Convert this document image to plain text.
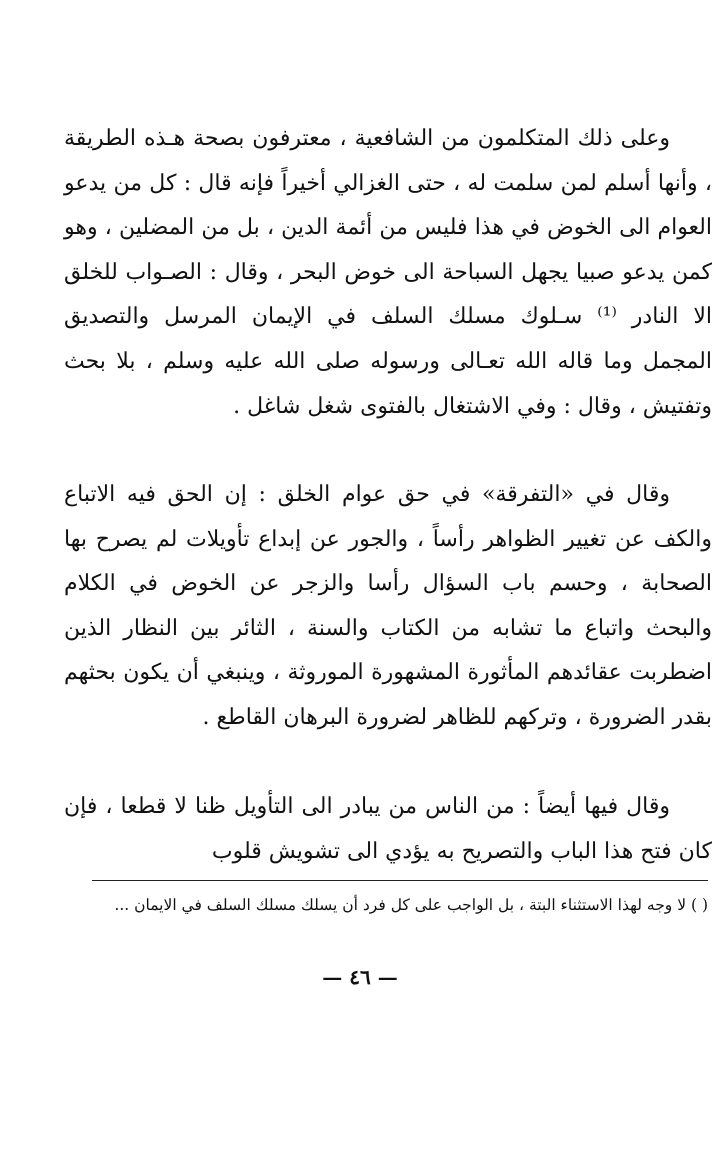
وعلى ذلك المتكلمون من الشافعية ، معترفون بصحة هـذه الطريقة ، وأنها أسلم لمن سلمت له ، حتى الغزالي أخيراً فإنه قال : كل من يدعو العوام الى الخوض في هذا فليس من أئمة الدين ، بل من المضلين ، وهو كمن يدعو صبيا يجهل السباحة الى خوض البحر ، وقال : الصـواب للخلق الا النادر ⁽¹⁾ سـلوك مسلك السلف في الإيمان المرسل والتصديق المجمل وما قاله الله تعـالى ورسوله صلى الله عليه وسلم ، بلا بحث وتفتيش ، وقال : وفي الاشتغال بالفتوى شغل شاغل .

وقال في «التفرقة» في حق عوام الخلق : إن الحق فيه الاتباع والكف عن تغيير الظواهر رأساً ، والجور عن إبداع تأويلات لم يصرح بها الصحابة ، وحسم باب السؤال رأسا والزجر عن الخوض في الكلام والبحث واتباع ما تشابه من الكتاب والسنة ، الثائر بين النظار الذين اضطربت عقائدهم المأثورة المشهورة الموروثة ، وينبغي أن يكون بحثهم بقدر الضرورة ، وتركهم للظاهر لضرورة البرهان القاطع .

وقال فيها أيضاً : من الناس من يبادر الى التأويل ظنا لا قطعا ، فإن كان فتح هذا الباب والتصريح به يؤدي الى تشويش قلوب

( ) لا وجه لهذا الاستثناء البتة ، بل الواجب على كل فرد أن يسلك مسلك السلف في الايمان ...

— ٤٦ —
